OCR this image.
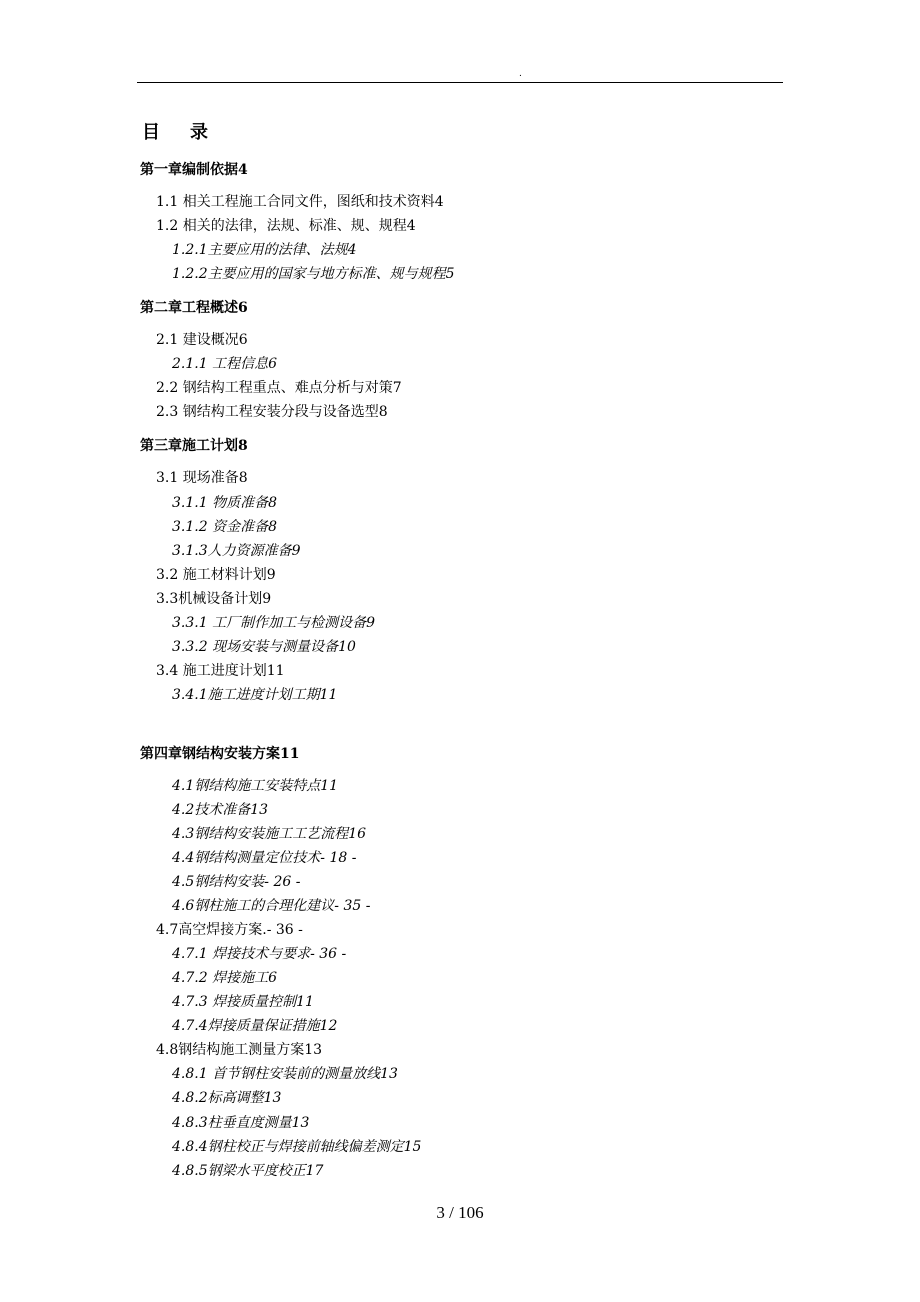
.
目录
第一章编制依据4
1.1 相关工程施工合同文件，图纸和技术资料4
1.2 相关的法律，法规、标准、规、规程4
1.2.1主要应用的法律、法规4
1.2.2主要应用的国家与地方标准、规与规程5
第二章工程概述6
2.1 建设概况6
2.1.1 工程信息6
2.2 钢结构工程重点、难点分析与对策7
2.3 钢结构工程安装分段与设备选型8
第三章施工计划8
3.1 现场准备8
3.1.1 物质准备8
3.1.2 资金准备8
3.1.3人力资源准备9
3.2 施工材料计划9
3.3机械设备计划9
3.3.1 工厂制作加工与检测设备9
3.3.2 现场安装与测量设备10
3.4 施工进度计划11
3.4.1施工进度计划工期11
第四章钢结构安装方案11
4.1钢结构施工安装特点11
4.2技术准备13
4.3钢结构安装施工工艺流程16
4.4钢结构测量定位技术- 18 -
4.5钢结构安装- 26 -
4.6钢柱施工的合理化建议- 35 -
4.7高空焊接方案.- 36 -
4.7.1 焊接技术与要求- 36 -
4.7.2 焊接施工6
4.7.3 焊接质量控制11
4.7.4焊接质量保证措施12
4.8钢结构施工测量方案13
4.8.1 首节钢柱安装前的测量放线13
4.8.2标高调整13
4.8.3柱垂直度测量13
4.8.4钢柱校正与焊接前轴线偏差测定15
4.8.5钢梁水平度校正17
3 / 106
